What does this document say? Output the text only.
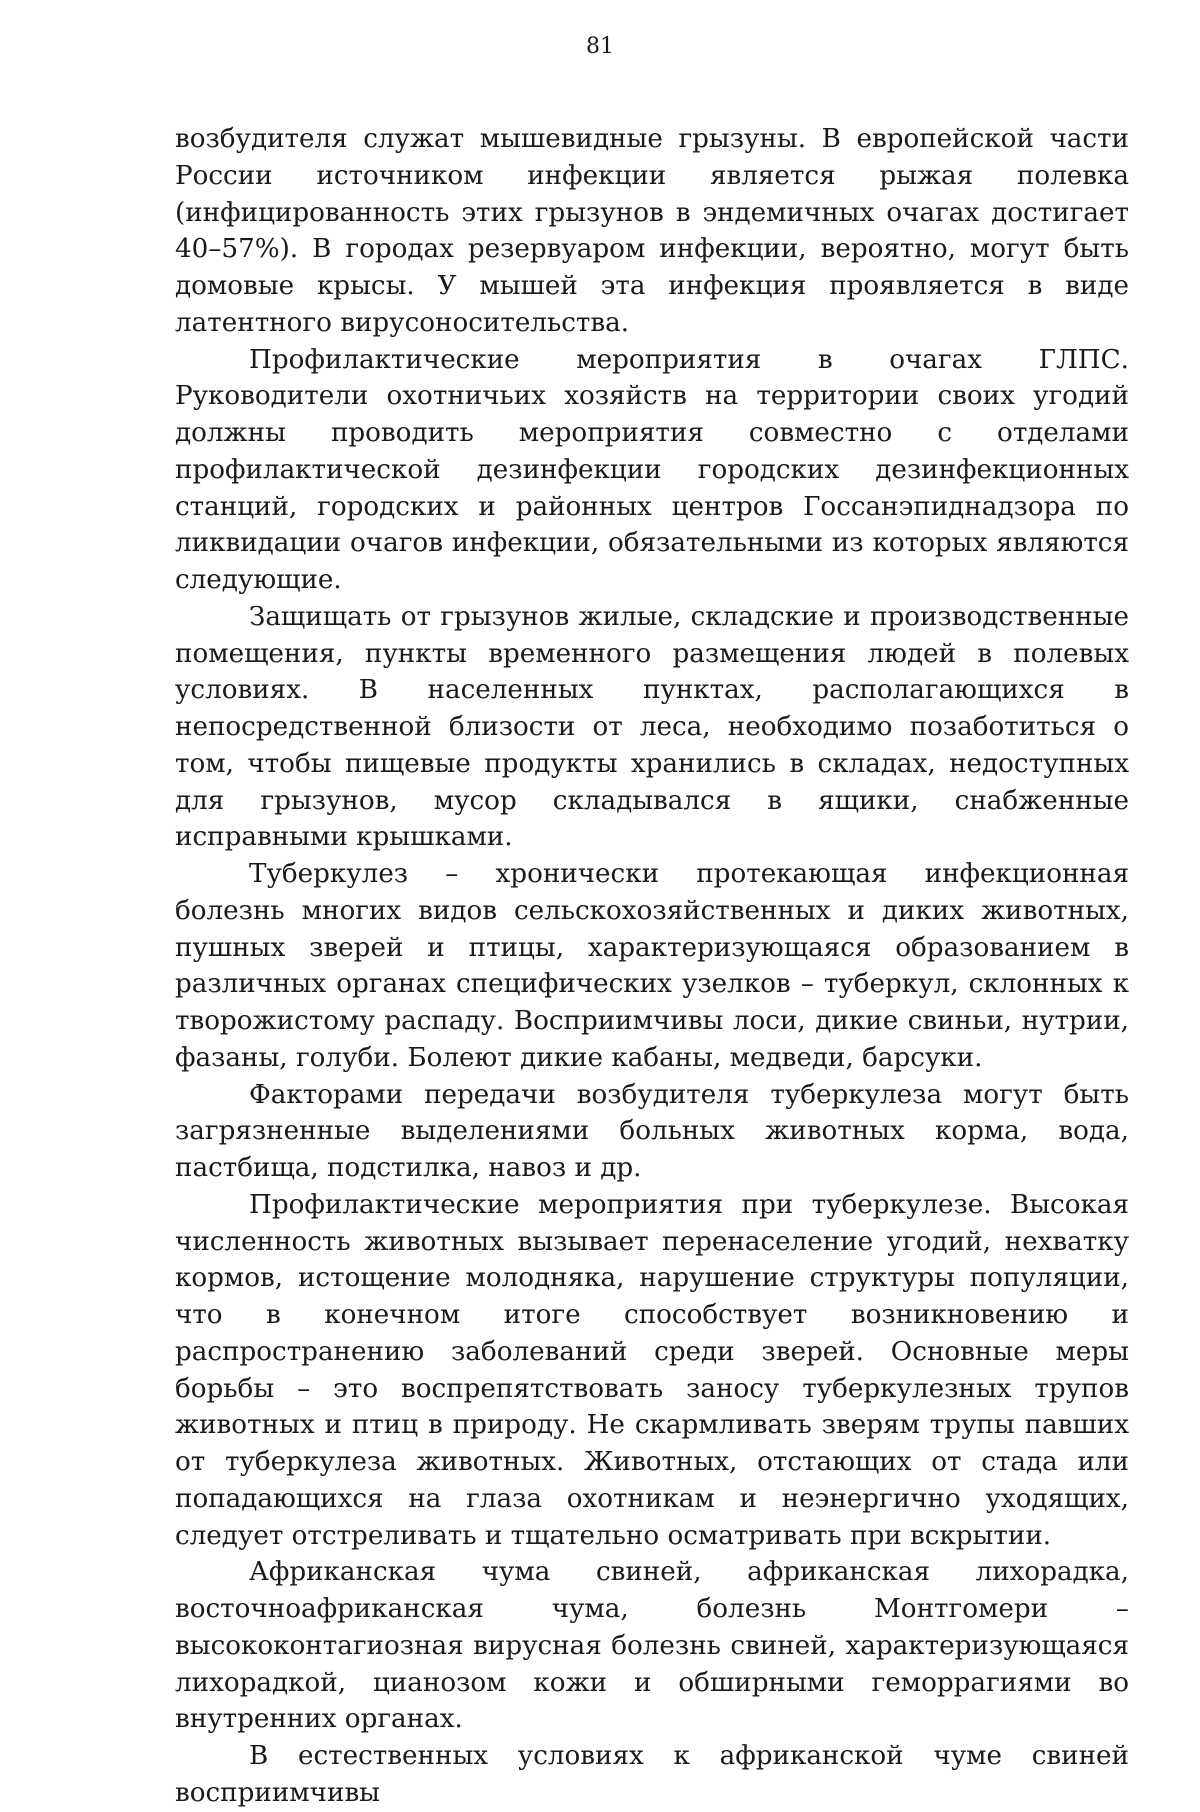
81

возбудителя служат мышевидные грызуны. В европейской части России источником инфекции является рыжая полевка (инфицированность этих грызунов в эндемичных очагах достигает 40–57%). В городах резервуаром инфекции, вероятно, могут быть домовые крысы. У мышей эта инфекция проявляется в виде латентного вирусоносительства.

Профилактические мероприятия в очагах ГЛПС. Руководители охотничьих хозяйств на территории своих угодий должны проводить мероприятия совместно с отделами профилактической дезинфекции городских дезинфекционных станций, городских и районных центров Госсанэпиднадзора по ликвидации очагов инфекции, обязательными из которых являются следующие.

Защищать от грызунов жилые, складские и производственные помещения, пункты временного размещения людей в полевых условиях. В населенных пунктах, располагающихся в непосредственной близости от леса, необходимо позаботиться о том, чтобы пищевые продукты хранились в складах, недоступных для грызунов, мусор складывался в ящики, снабженные исправными крышками.

Туберкулез – хронически протекающая инфекционная болезнь многих видов сельскохозяйственных и диких животных, пушных зверей и птицы, характеризующаяся образованием в различных органах специфических узелков – туберкул, склонных к творожистому распаду. Восприимчивы лоси, дикие свиньи, нутрии, фазаны, голуби. Болеют дикие кабаны, медведи, барсуки.

Факторами передачи возбудителя туберкулеза могут быть загрязненные выделениями больных животных корма, вода, пастбища, подстилка, навоз и др.

Профилактические мероприятия при туберкулезе. Высокая численность животных вызывает перенаселение угодий, нехватку кормов, истощение молодняка, нарушение структуры популяции, что в конечном итоге способствует возникновению и распространению заболеваний среди зверей. Основные меры борьбы – это воспрепятствовать заносу туберкулезных трупов животных и птиц в природу. Не скармливать зверям трупы павших от туберкулеза животных. Животных, отстающих от стада или попадающихся на глаза охотникам и неэнергично уходящих, следует отстреливать и тщательно осматривать при вскрытии.

Африканская чума свиней, африканская лихорадка, восточноафриканская чума, болезнь Монтгомери – высококонтагиозная вирусная болезнь свиней, характеризующаяся лихорадкой, цианозом кожи и обширными геморрагиями во внутренних органах.

В естественных условиях к африканской чуме свиней восприимчивы
